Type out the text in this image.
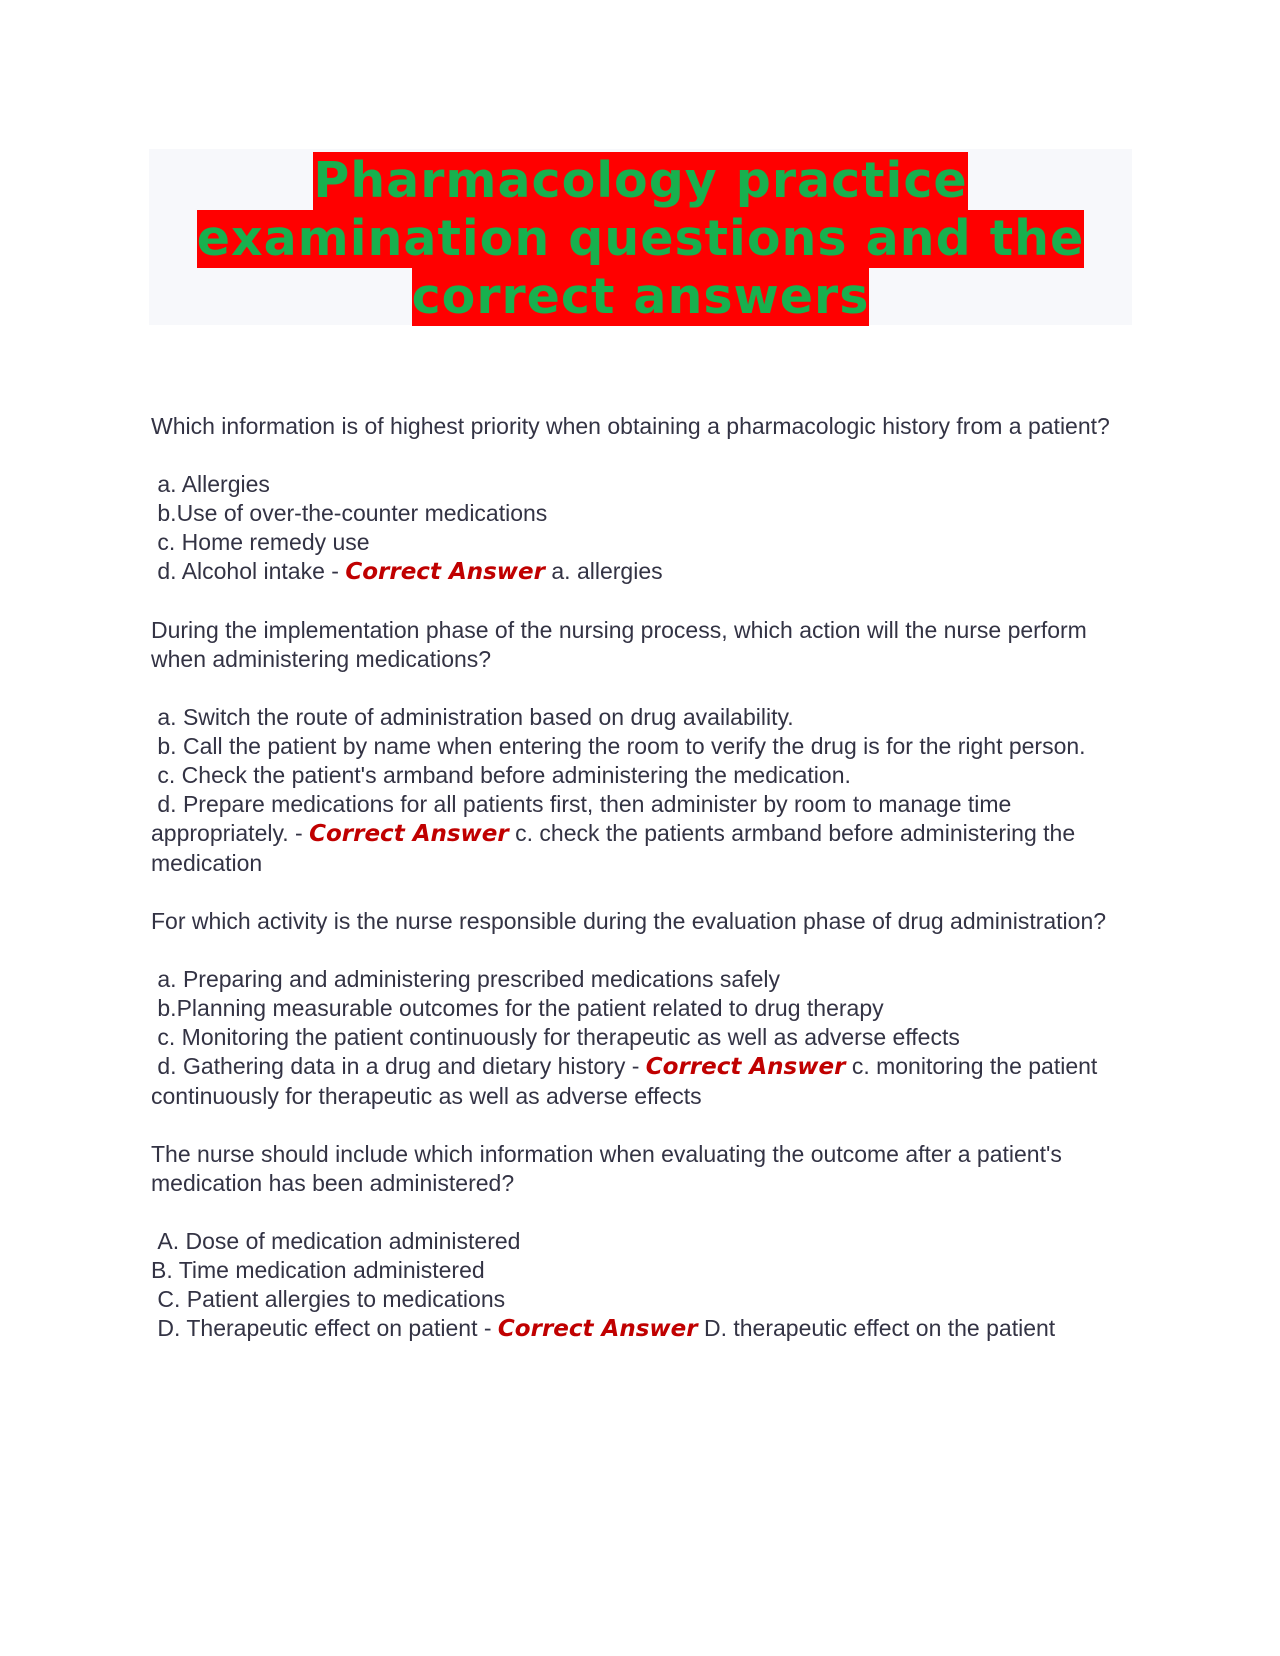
Pharmacology practice
examination questions and the
correct answers
Which information is of highest priority when obtaining a pharmacologic history from a patient?
a. Allergies
b.Use of over-the-counter medications
c. Home remedy use
d. Alcohol intake - Correct Answer a. allergies
During the implementation phase of the nursing process, which action will the nurse perform when administering medications?
a. Switch the route of administration based on drug availability.
b. Call the patient by name when entering the room to verify the drug is for the right person.
c. Check the patient's armband before administering the medication.
d. Prepare medications for all patients first, then administer by room to manage time appropriately. - Correct Answer c. check the patients armband before administering the medication
For which activity is the nurse responsible during the evaluation phase of drug administration?
a. Preparing and administering prescribed medications safely
b.Planning measurable outcomes for the patient related to drug therapy
c. Monitoring the patient continuously for therapeutic as well as adverse effects
d. Gathering data in a drug and dietary history - Correct Answer c. monitoring the patient continuously for therapeutic as well as adverse effects
The nurse should include which information when evaluating the outcome after a patient's medication has been administered?
A. Dose of medication administered
B. Time medication administered
C. Patient allergies to medications
D. Therapeutic effect on patient - Correct Answer D. therapeutic effect on the patient
